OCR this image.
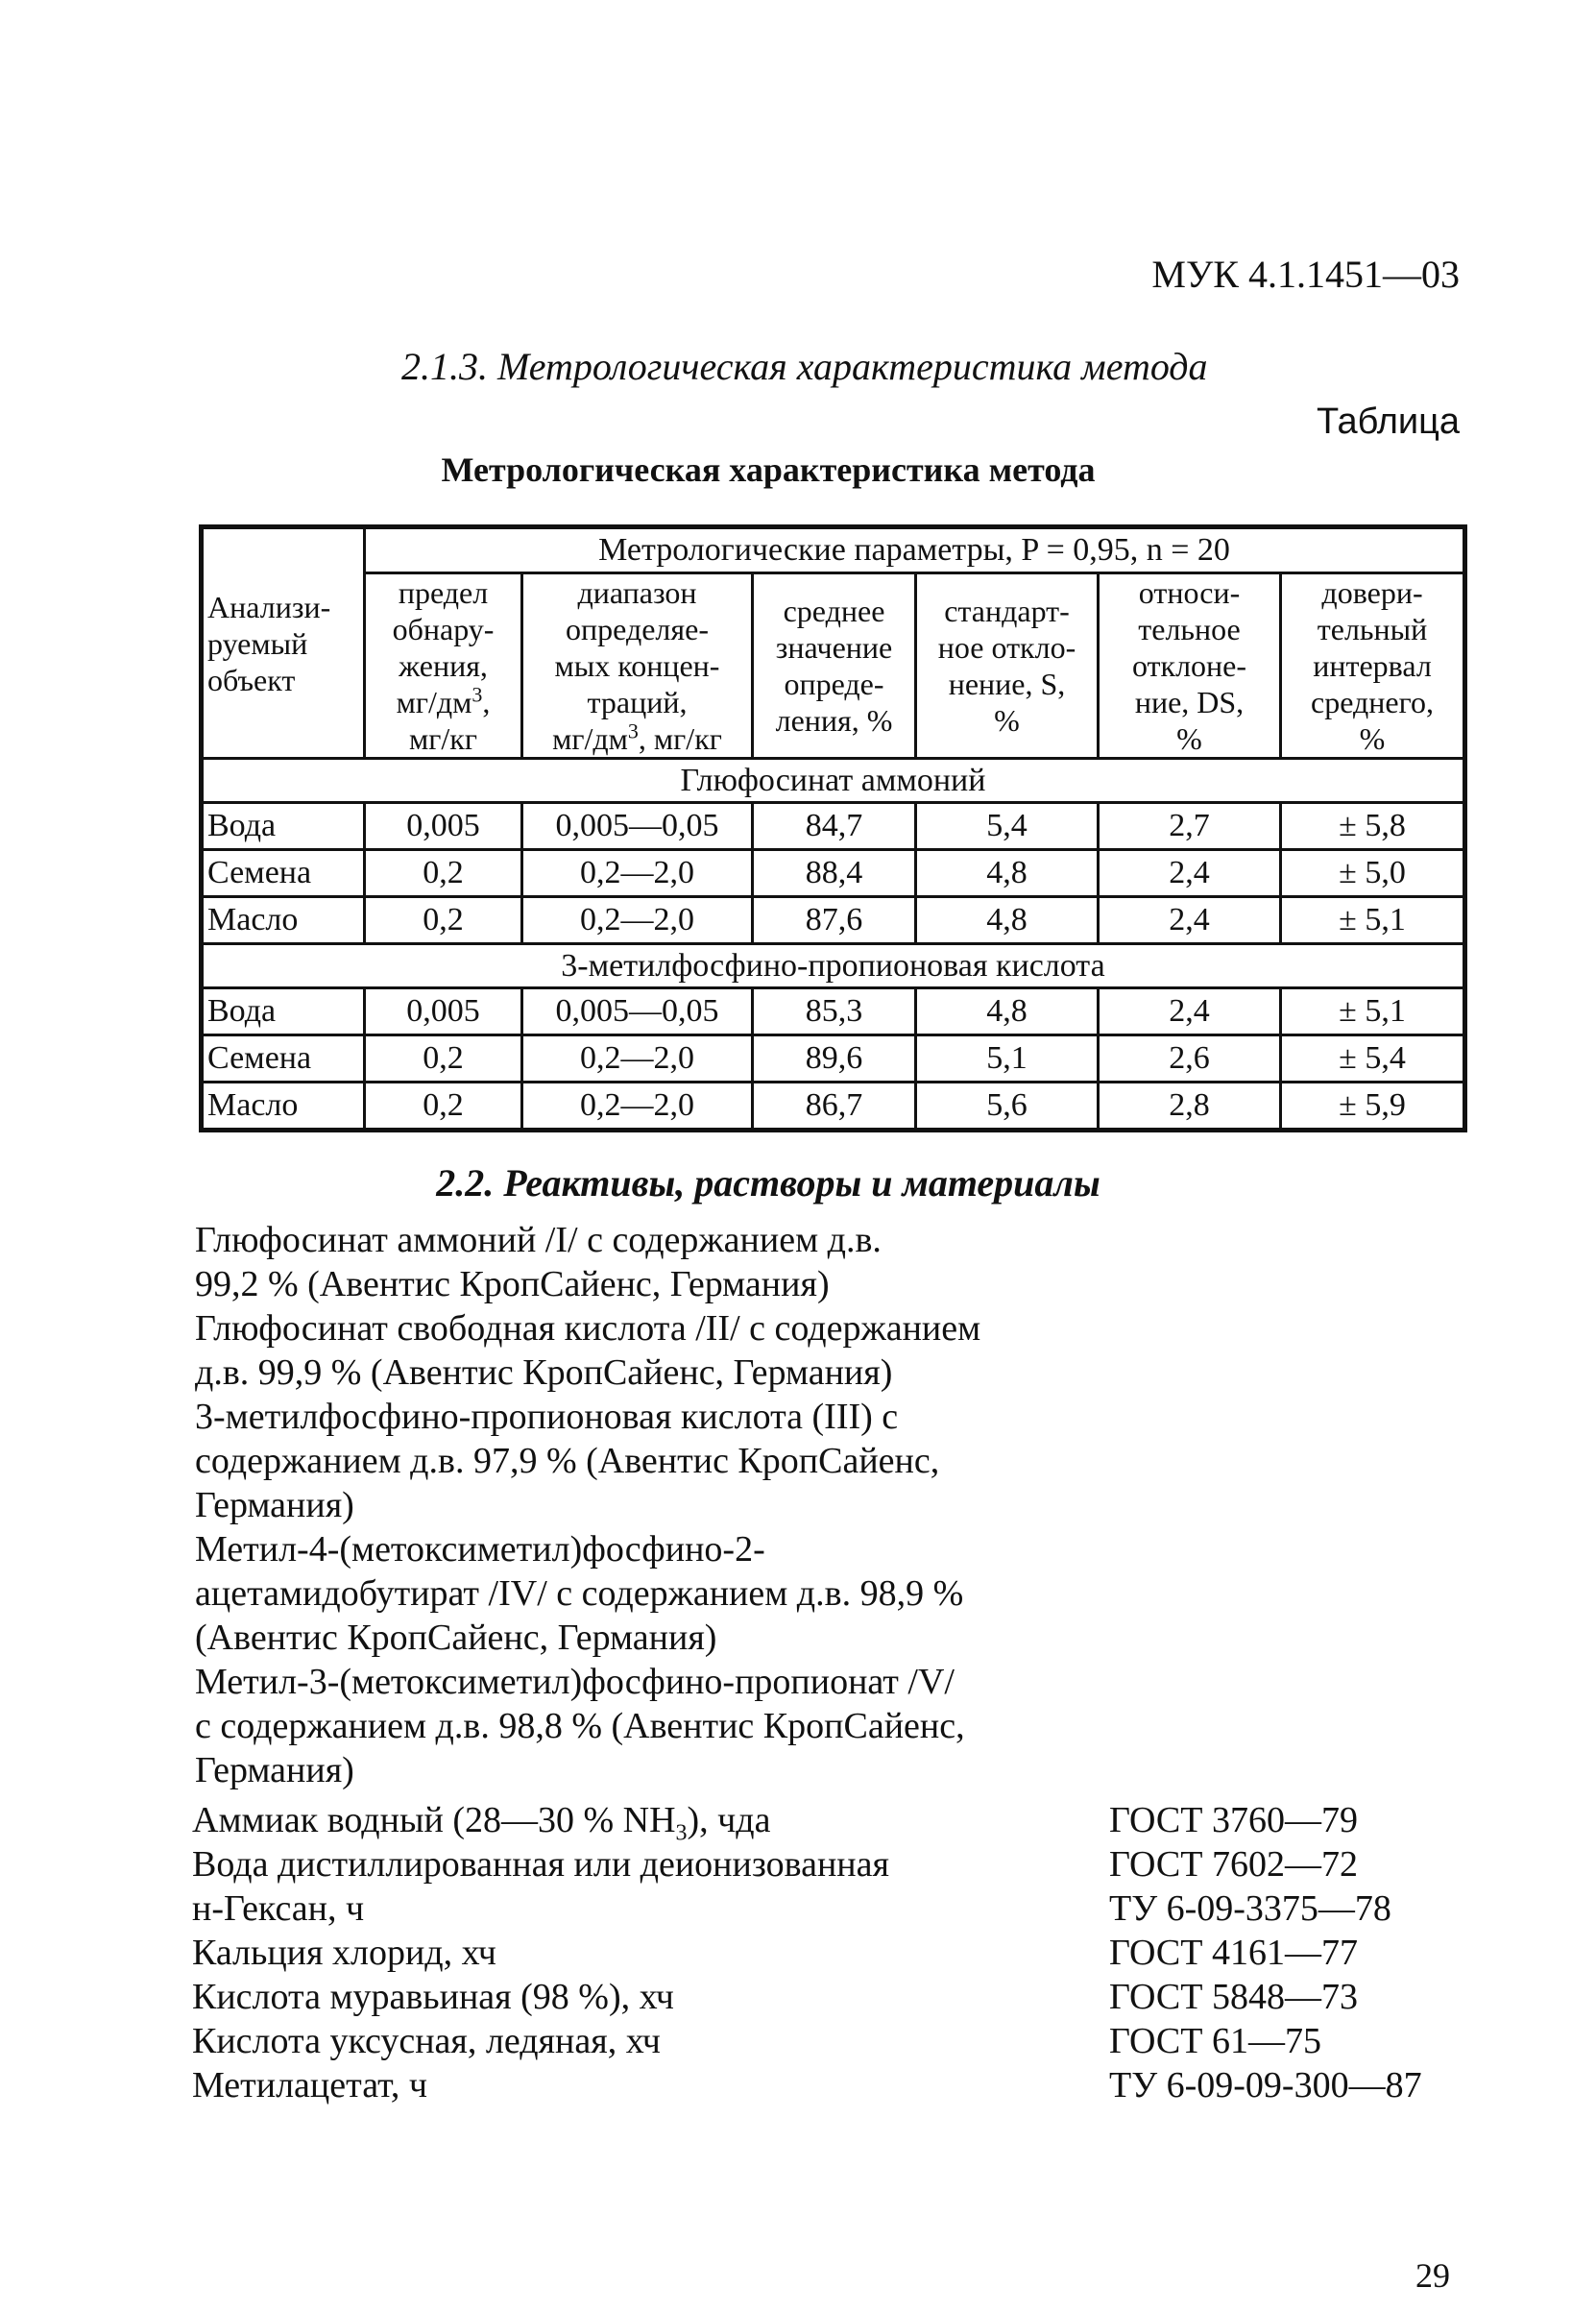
МУК 4.1.1451—03
2.1.3. Метрологическая характеристика метода
Таблица
Метрологическая характеристика метода
Анализи-
руемый
объект	Метрологические параметры, P = 0,95, n = 20					
	предел
обнару-
жения,
$мг/дм^3$,
мг/кг	диапазон
определяе-
мых концен-
траций,
$мг/дм^3$, мг/кг	среднее
значение
опреде-
ления, %	стандарт-
ное откло-
нение, S,
%	относи-
тельное
отклоне-
ние, DS,
%	довери-
тельный
интервал
среднего,
%
Глюфосинат аммоний						
Вода	0,005	0,005—0,05	84,7	5,4	2,7	± 5,8
Семена	0,2	0,2—2,0	88,4	4,8	2,4	± 5,0
Масло	0,2	0,2—2,0	87,6	4,8	2,4	± 5,1
3-метилфосфино-пропионовая кислота						
Вода	0,005	0,005—0,05	85,3	4,8	2,4	± 5,1
Семена	0,2	0,2—2,0	89,6	5,1	2,6	± 5,4
Масло	0,2	0,2—2,0	86,7	5,6	2,8	± 5,9
2.2. Реактивы, растворы и материалы
Глюфосинат аммоний /I/ с содержанием д.в.
99,2 % (Авентис КропСайенс, Германия)
Глюфосинат свободная кислота /II/ с содержанием
д.в. 99,9 % (Авентис КропСайенс, Германия)
3-метилфосфино-пропионовая кислота (III) с
содержанием д.в. 97,9 % (Авентис КропСайенс,
Германия)
Метил-4-(метоксиметил)фосфино-2-
ацетамидобутират /IV/ с содержанием д.в. 98,9 %
(Авентис КропСайенс, Германия)
Метил-3-(метоксиметил)фосфино-пропионат /V/
с содержанием д.в. 98,8 % (Авентис КропСайенс,
Германия)
Аммиак водный (28—30 % $NH_3$), чда	ГОСТ 3760—79
Вода дистиллированная или деионизованная	ГОСТ 7602—72
н-Гексан, ч	ТУ 6-09-3375—78
Кальция хлорид, хч	ГОСТ 4161—77
Кислота муравьиная (98 %), хч	ГОСТ 5848—73
Кислота уксусная, ледяная, хч	ГОСТ 61—75
Метилацетат, ч	ТУ 6-09-09-300—87
29
